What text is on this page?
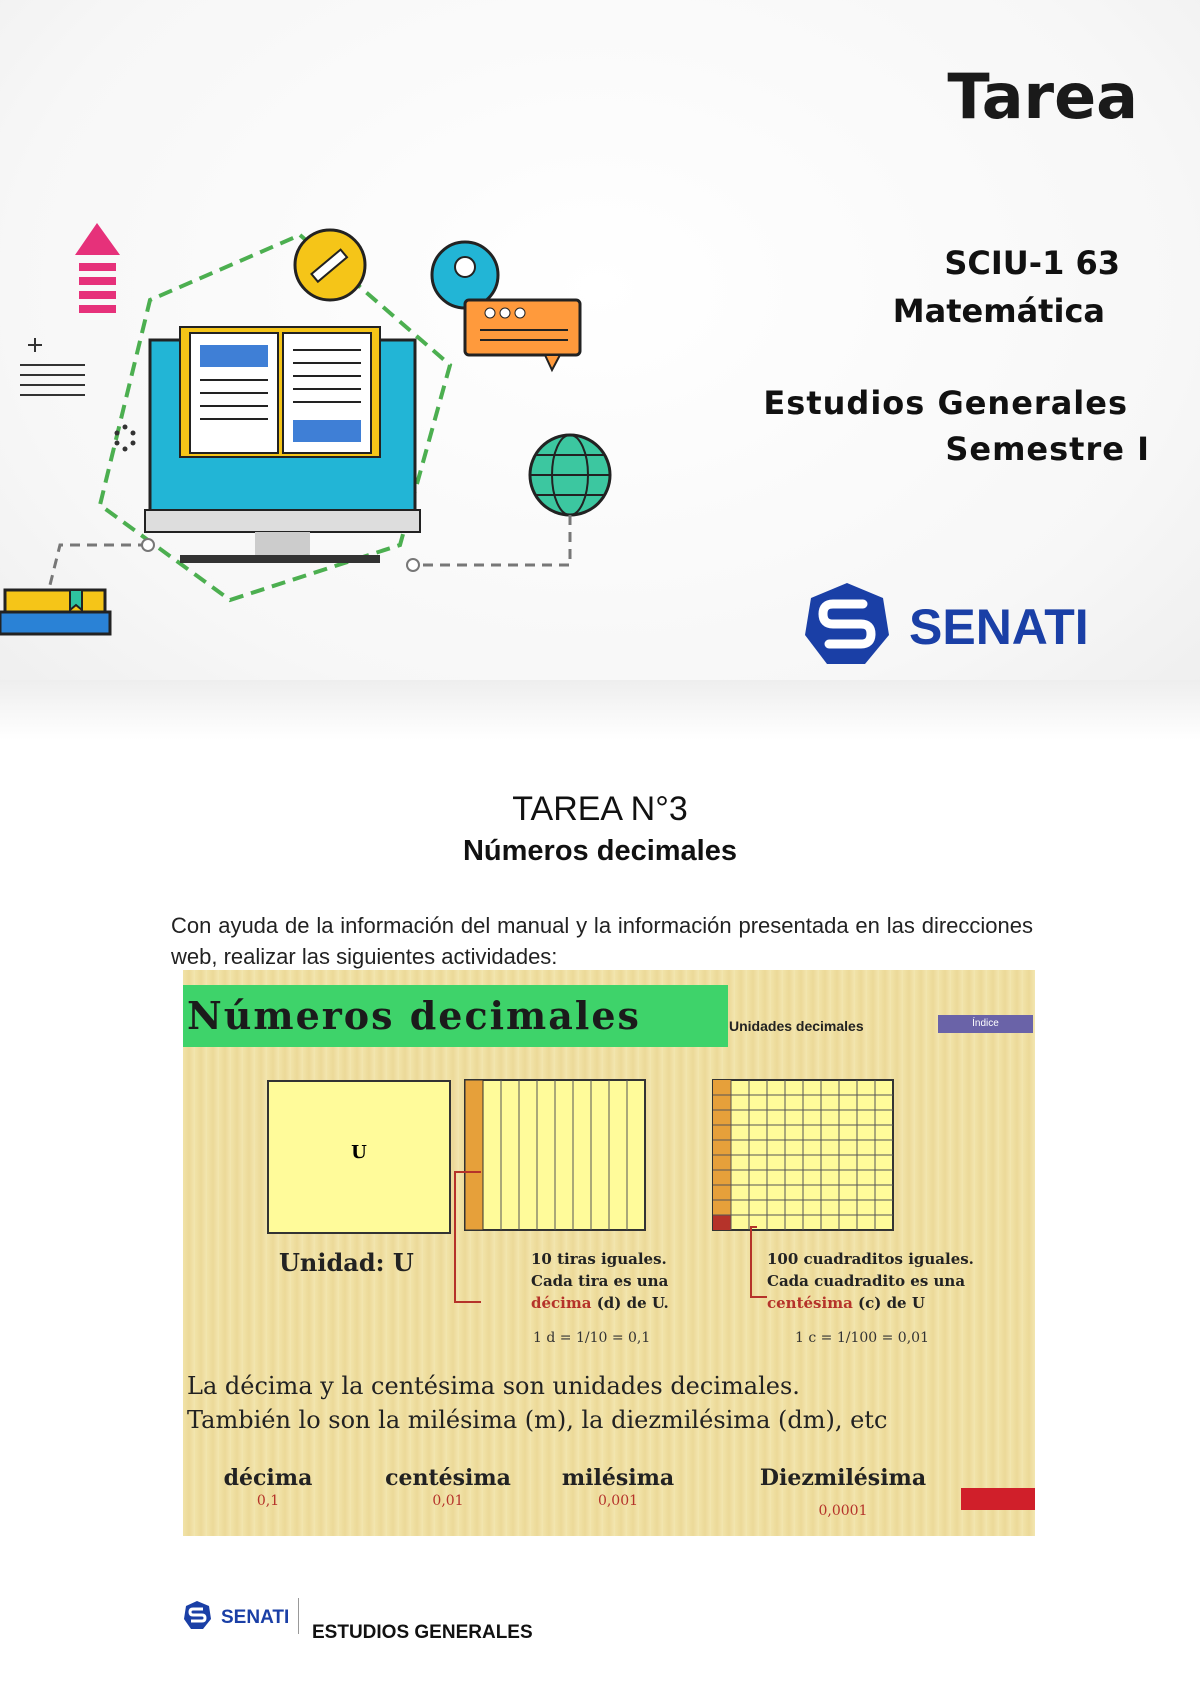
Tarea
SCIU-1 63
Matemática
Estudios Generales
Semestre I
SENATI
TAREA N°3
Números decimales
Con ayuda de la información del manual y la información presentada en las direcciones web, realizar las siguientes actividades:
Números decimales	Unidades decimales	Índice
U
Unidad: U	10 tiras iguales.
Cada tira es una
décima (d) de U.
1 d = 1/10 = 0,1
100 cuadraditos iguales.
Cada cuadradito es una
centésima (c) de U
1 c = 1/100 = 0,01
La décima y la centésima son unidades decimales.
También lo son la milésima (m), la diezmilésima (dm), etc
décima
0,1
centésima
0,01
milésima
0,001
Diezmilésima
0,0001
SENATI
ESTUDIOS GENERALES
